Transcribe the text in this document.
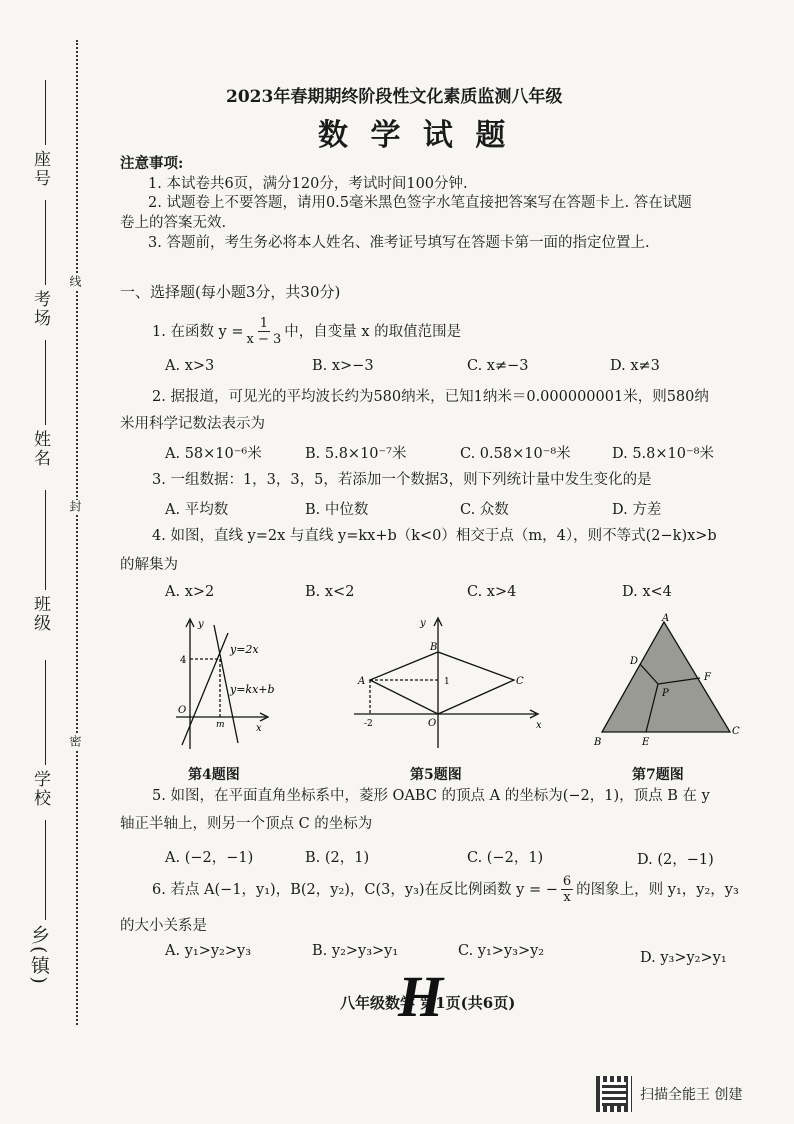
座号
考场
姓名
班级
学校
乡(镇)
线
封
密
2023年春期期终阶段性文化素质监测八年级
数 学 试 题
注意事项:
1. 本试卷共6页，满分120分，考试时间100分钟.
2. 试题卷上不要答题，请用0.5毫米黑色签字水笔直接把答案写在答题卡上. 答在试题
卷上的答案无效.
3. 答题前，考生务必将本人姓名、准考证号填写在答题卡第一面的指定位置上.
一、选择题(每小题3分，共30分)
1. 在函数 $y = \frac{1}{x - 3}$ 中，自变量 x 的取值范围是
A. x>3	B. x>−3	C. x≠−3	D. x≠3
2. 据报道，可见光的平均波长约为580纳米，已知1纳米＝0.000000001米，则580纳
米用科学记数法表示为
A. 58×10⁻⁶米	B. 5.8×10⁻⁷米	C. 0.58×10⁻⁸米	D. 5.8×10⁻⁸米
3. 一组数据：1，3，3，5，若添加一个数据3，则下列统计量中发生变化的是
A. 平均数	B. 中位数	C. 众数	D. 方差
4. 如图，直线 y=2x 与直线 y=kx+b（k<0）相交于点（m，4），则不等式(2−k)x>b
的解集为
A. x>2	B. x<2	C. x>4	D. x<4
y
x
O
m
4
y=2x
y=kx+b
第4题图
y
x
O
A
B
C
1
-2
第5题图
A
B
C
D
E
F
P
第7题图
5. 如图，在平面直角坐标系中，菱形 OABC 的顶点 A 的坐标为(−2，1)，顶点 B 在 y
轴正半轴上，则另一个顶点 C 的坐标为
A. (−2，−1)	B. (2，1)	C. (−2，1)	D. (2，−1)
6. 若点 A(−1，y₁)，B(2，y₂)，C(3，y₃)在反比例函数 y = − $\frac{6}{x}$ 的图象上，则 y₁，y₂，y₃
的大小关系是
A. y₁>y₂>y₃	B. y₂>y₃>y₁	C. y₁>y₃>y₂	D. y₃>y₂>y₁
八年级数学 第1页(共6页)
H
扫描全能王 创建
